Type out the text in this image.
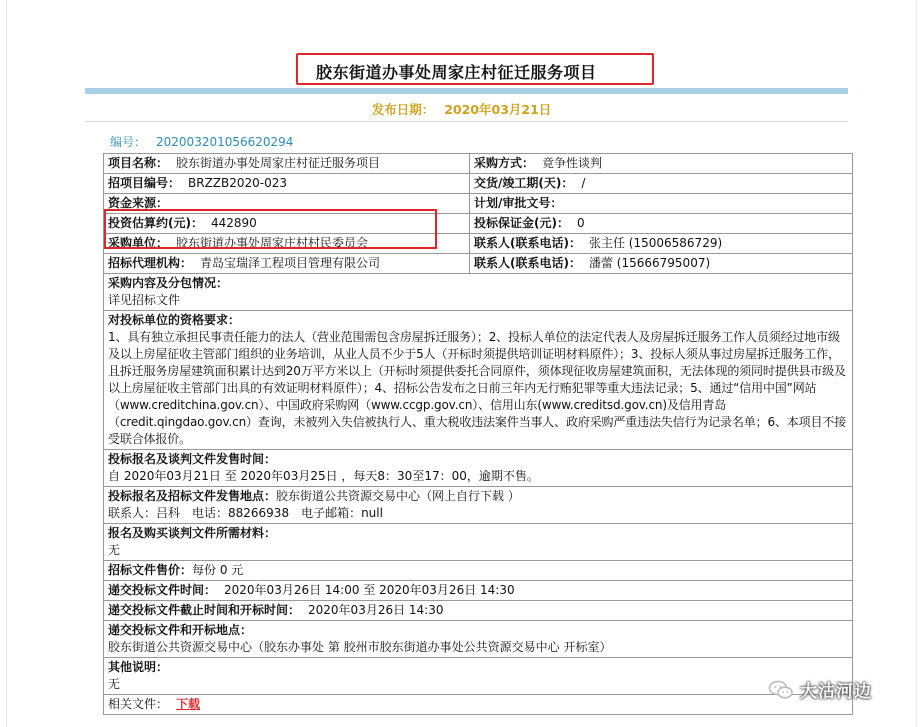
胶东街道办事处周家庄村征迁服务项目
发布日期： 2020年03月21日
编号： 202003201056620294
项目名称： 胶东街道办事处周家庄村征迁服务项目	采购方式： 竟争性谈判
招项目编号： BRZZB2020-023	交货/竣工期(天)： /
资金来源：	计划/审批文号：
投资估算约(元)： 442890	投标保证金(元)： 0
采购单位： 胶东街道办事处周家庄村村民委员会	联系人(联系电话)： 张主任 (15006586729)
招标代理机构： 青岛宝瑞泽工程项目管理有限公司	联系人(联系电话)： 潘蕾 (15666795007)

采购内容及分包情况：
详见招标文件	

对投标单位的资格要求：
1、具有独立承担民事责任能力的法人（营业范围需包含房屋拆迁服务）；2、投标人单位的法定代表人及房屋拆迁服务工作人员须经过地市级及以上房屋征收主管部门组织的业务培训，从业人员不少于5人（开标时须提供培训证明材料原件）；3、投标人须从事过房屋拆迁服务工作，且拆迁服务房屋建筑面积累计达到20万平方米以上（开标时须提供委托合同原件，须体现征收房屋建筑面积，无法体现的须同时提供县市级及以上房屋征收主管部门出具的有效证明材料原件）；4、招标公告发布之日前三年内无行贿犯罪等重大违法记录；5、通过“信用中国”网站（www.creditchina.gov.cn）、中国政府采购网（www.ccgp.gov.cn）、信用山东(www.creditsd.gov.cn)及信用青岛（credit.qingdao.gov.cn）查询，未被列入失信被执行人、重大税收违法案件当事人、政府采购严重违法失信行为记录名单；6、本项目不接受联合体报价。	

投标报名及谈判文件发售时间：
自 2020年03月21日 至 2020年03月25日 ，每天8：30至17：00，逾期不售。	

投标报名及招标文件发售地点：胶东街道公共资源交易中心（网上自行下载 ）
联系人：吕科　电话：88266938　电子邮箱：null	

报名及购买谈判文件所需材料：
无	

招标文件售价：每份 0 元	
递交投标文件时间： 2020年03月26日 14:00 至 2020年03月26日 14:30	
递交投标文件截止时间和开标时间： 2020年03月26日 14:30	

递交投标文件和开标地点：
胶东街道公共资源交易中心（胶东办事处 第 胶州市胶东街道办事处公共资源交易中心 开标室）	

其他说明：
无	

相关文件： 下载	
大沽河边
